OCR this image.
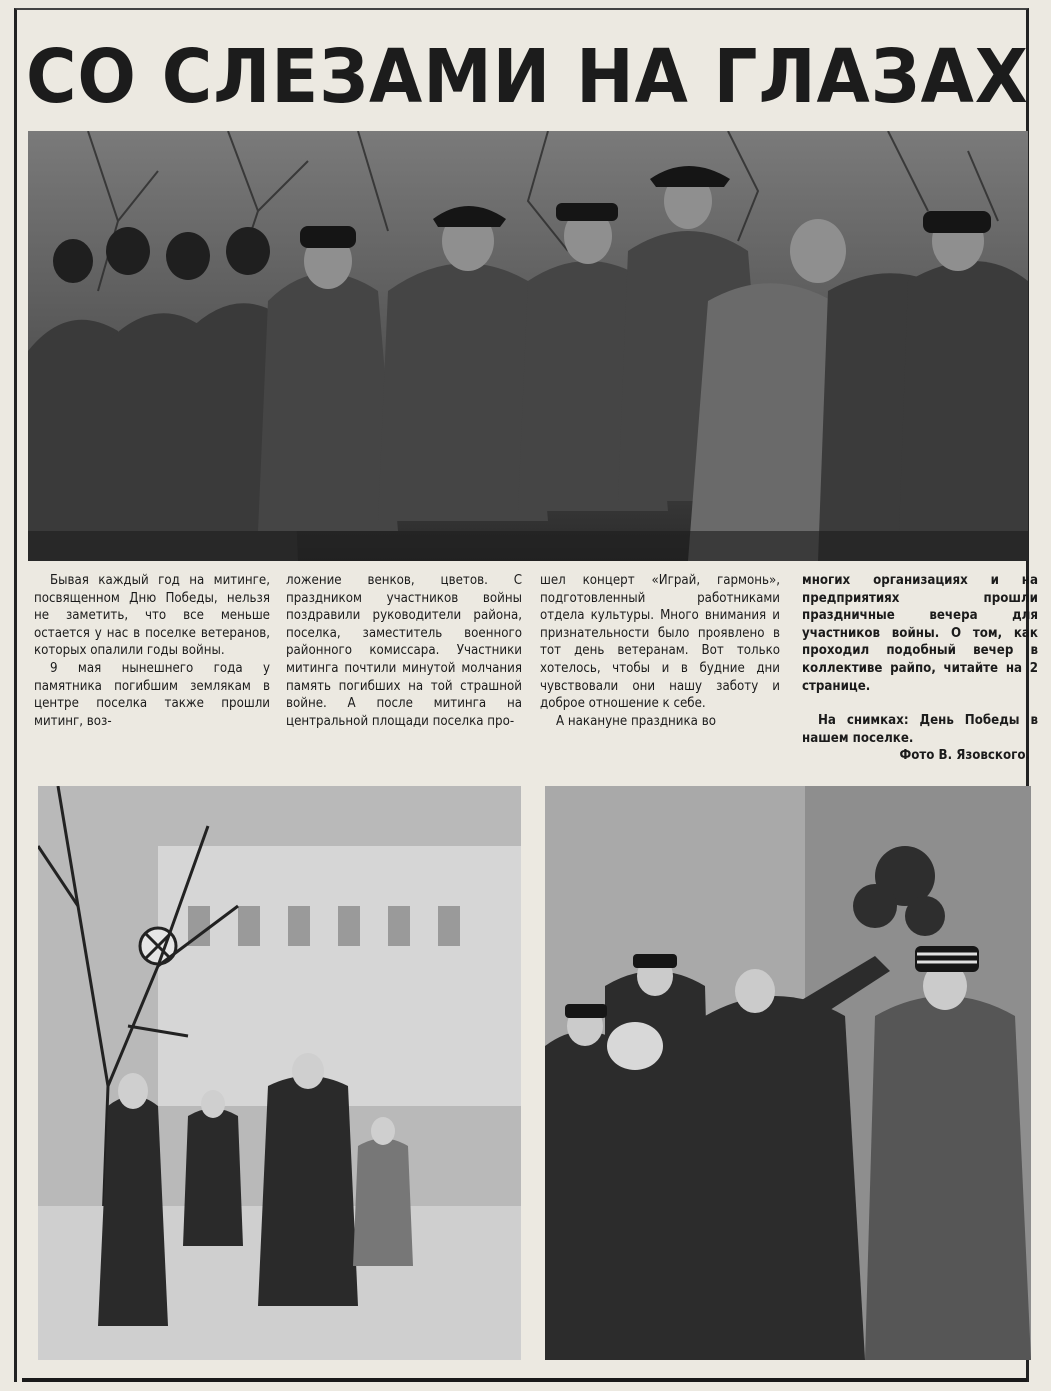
СО СЛЕЗАМИ НА ГЛАЗАХ

Бывая каждый год на митинге, посвященном Дню Победы, нельзя не заметить, что все меньше остается у нас в поселке ветеранов, которых опалили годы войны.

9 мая нынешнего года у памятника погибшим землякам в центре поселка также прошли митинг, воз-

ложение венков, цветов. С праздником участников войны поздравили руководители района, поселка, заместитель военного районного комиссара. Участники митинга почтили минутой молчания память погибших на той страшной войне. А после митинга на центральной площади поселка про-

шел концерт «Играй, гармонь», подготовленный работниками отдела культуры. Много внимания и признательности было проявлено в тот день ветеранам. Вот только хотелось, чтобы и в будние дни чувствовали они нашу заботу и доброе отношение к себе.

А накануне праздника во

многих организациях и на предприятиях прошли праздничные вечера для участников войны. О том, как проходил подобный вечер в коллективе райпо, читайте на 2 странице.

На снимках: День Победы в нашем поселке.
Фото В. Язовского.
